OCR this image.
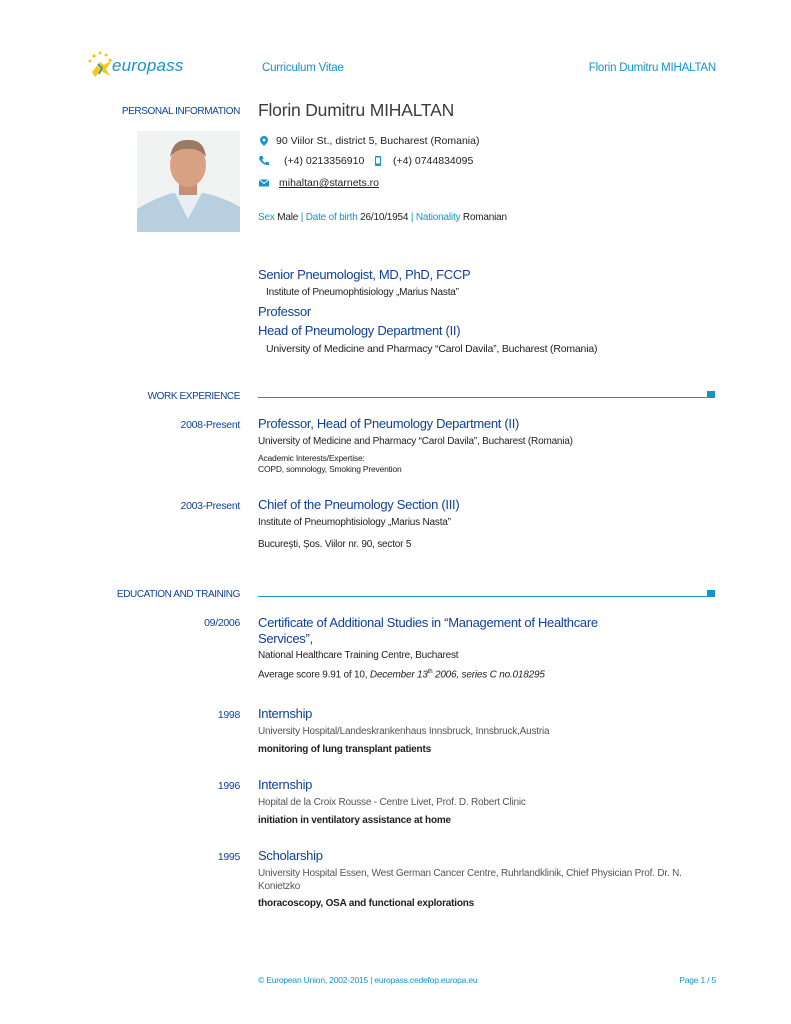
europass	Curriculum Vitae	Florin Dumitru MIHALTAN
PERSONAL INFORMATION Florin Dumitru MIHALTAN
90 Viilor St., district 5, Bucharest (Romania)
(+4) 0213356910	(+4) 0744834095
mihaltan@starnets.ro
Sex Male | Date of birth 26/10/1954 | Nationality Romanian
Senior Pneumologist, MD, PhD, FCCP
Institute of Pneumophtisiology „Marius Nasta”
Professor
Head of Pneumology Department (II)
University of Medicine and Pharmacy “Carol Davila”, Bucharest (Romania)
WORK EXPERIENCE
2008-Present Professor, Head of Pneumology Department (II)
University of Medicine and Pharmacy “Carol Davila”, Bucharest (Romania)
Academic Interests/Expertise:
COPD, somnology, Smoking Prevention
2003-Present Chief of the Pneumology Section (III)
Institute of Pneumophtisiology „Marius Nasta”
București, Șos. Viilor nr. 90, sector 5
EDUCATION AND TRAINING
09/2006 Certificate of Additional Studies in “Management of Healthcare
Services”,
National Healthcare Training Centre, Bucharest
Average score 9.91 of 10, December 13th 2006, series C no.018295
1998 Internship
University Hospital/Landeskrankenhaus Innsbruck, Innsbruck,Austria
monitoring of lung transplant patients
1996 Internship
Hopital de la Croix Rousse - Centre Livet, Prof. D. Robert Clinic
initiation in ventilatory assistance at home
1995 Scholarship
University Hospital Essen, West German Cancer Centre, Ruhrlandklinik, Chief Physician Prof. Dr. N.
Konietzko
thoracoscopy, OSA and functional explorations
© European Union, 2002-2015 | europass.cedefop.europa.eu	Page 1 / 5
